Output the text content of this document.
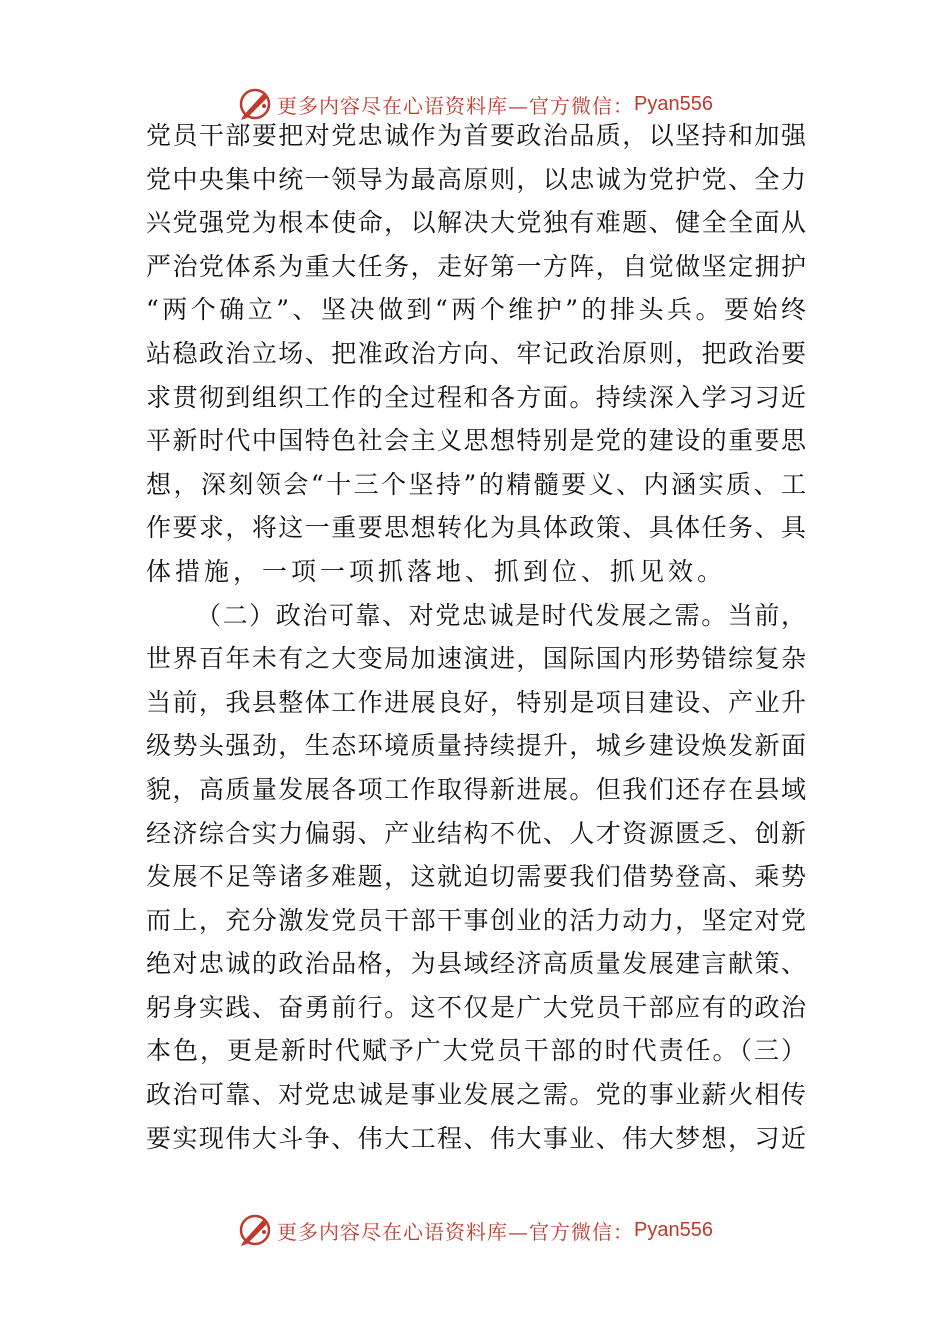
更多内容尽在心语资料库—官方微信： Pyan556
党员干部要把对党忠诚作为首要政治品质，以坚持和加强
党中央集中统一领导为最高原则，以忠诚为党护党、全力
兴党强党为根本使命，以解决大党独有难题、健全全面从
严治党体系为重大任务，走好第一方阵，自觉做坚定拥护
“两个确立”、坚决做到“两个维护”的排头兵。要始终
站稳政治立场、把准政治方向、牢记政治原则，把政治要
求贯彻到组织工作的全过程和各方面。持续深入学习习近
平新时代中国特色社会主义思想特别是党的建设的重要思
想，深刻领会“十三个坚持”的精髓要义、内涵实质、工
作要求，将这一重要思想转化为具体政策、具体任务、具
体措施，一项一项抓落地、抓到位、抓见效。
（二）政治可靠、对党忠诚是时代发展之需。当前，
世界百年未有之大变局加速演进，国际国内形势错综复杂
当前，我县整体工作进展良好，特别是项目建设、产业升
级势头强劲，生态环境质量持续提升，城乡建设焕发新面
貌，高质量发展各项工作取得新进展。但我们还存在县域
经济综合实力偏弱、产业结构不优、人才资源匮乏、创新
发展不足等诸多难题，这就迫切需要我们借势登高、乘势
而上，充分激发党员干部干事创业的活力动力，坚定对党
绝对忠诚的政治品格，为县域经济高质量发展建言献策、
躬身实践、奋勇前行。这不仅是广大党员干部应有的政治
本色，更是新时代赋予广大党员干部的时代责任。（三）
政治可靠、对党忠诚是事业发展之需。党的事业薪火相传
要实现伟大斗争、伟大工程、伟大事业、伟大梦想，习近
更多内容尽在心语资料库—官方微信： Pyan556
